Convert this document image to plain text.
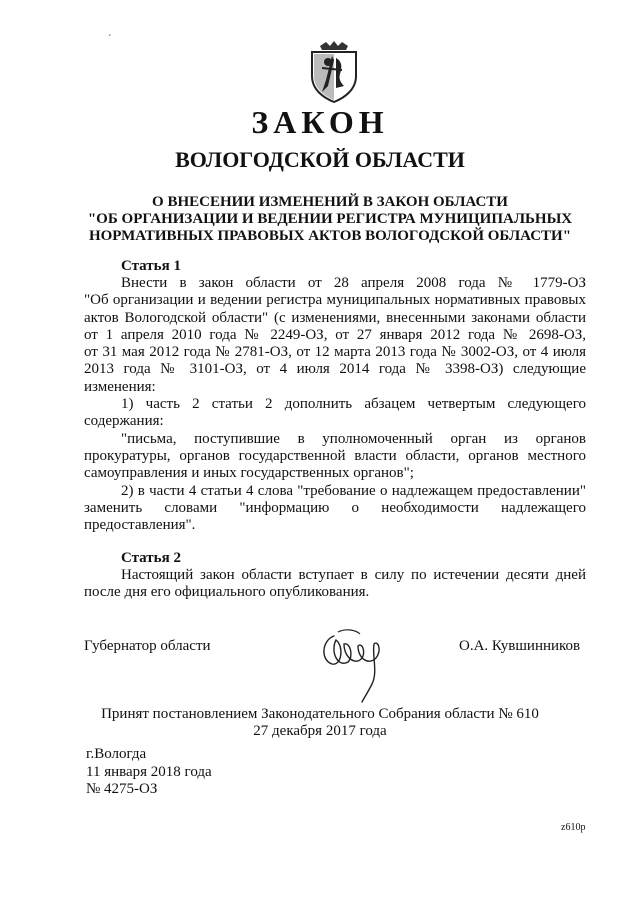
´
ЗАКОН
ВОЛОГОДСКОЙ ОБЛАСТИ
О ВНЕСЕНИИ ИЗМЕНЕНИЙ В ЗАКОН ОБЛАСТИ
"ОБ ОРГАНИЗАЦИИ И ВЕДЕНИИ РЕГИСТРА МУНИЦИПАЛЬНЫХ
НОРМАТИВНЫХ ПРАВОВЫХ АКТОВ ВОЛОГОДСКОЙ ОБЛАСТИ"
Статья 1
Внести в закон области от 28 апреля 2008 года № 1779-ОЗ
"Об организации и ведении регистра муниципальных нормативных правовых
актов Вологодской области" (с изменениями, внесенными законами области
от 1 апреля 2010 года № 2249-ОЗ, от 27 января 2012 года № 2698-ОЗ,
от 31 мая 2012 года № 2781-ОЗ, от 12 марта 2013 года № 3002-ОЗ, от 4 июля
2013 года № 3101-ОЗ, от 4 июля 2014 года № 3398-ОЗ) следующие
изменения:
1) часть 2 статьи 2 дополнить абзацем четвертым следующего
содержания:
"письма, поступившие в уполномоченный орган из органов
прокуратуры, органов государственной власти области, органов местного
самоуправления и иных государственных органов";
2) в части 4 статьи 4 слова "требование о надлежащем предоставлении"
заменить словами "информацию о необходимости надлежащего
предоставления".
Статья 2
Настоящий закон области вступает в силу по истечении десяти дней
после дня его официального опубликования.
Губернатор области	О.А. Кувшинников
Принят постановлением Законодательного Собрания области № 610
27 декабря 2017 года
г.Вологда
11 января 2018 года
№ 4275-ОЗ
z610р
